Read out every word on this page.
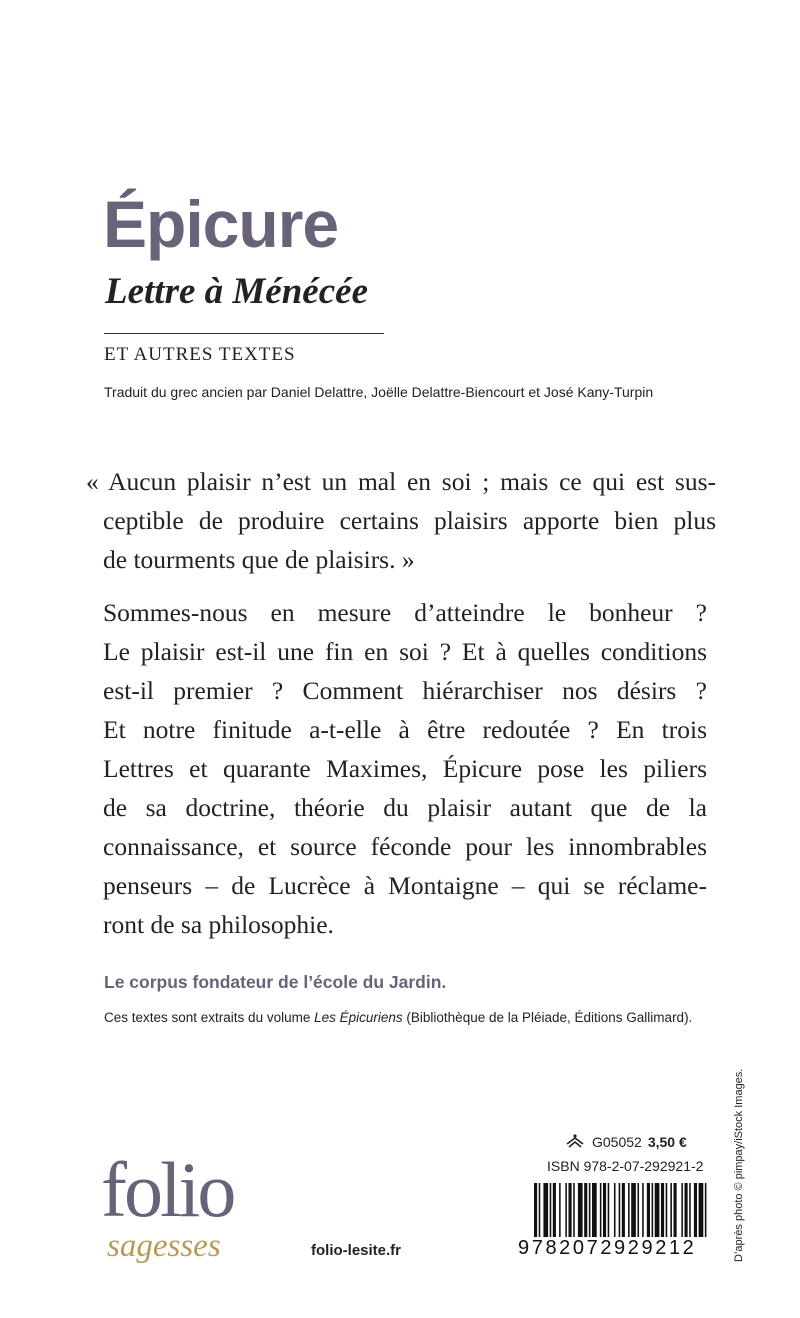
Épicure
Lettre à Ménécée
ET AUTRES TEXTES
Traduit du grec ancien par Daniel Delattre, Joëlle Delattre-Biencourt et José Kany-Turpin
« Aucun plaisir n’est un mal en soi ; mais ce qui est sus-
ceptible de produire certains plaisirs apporte bien plus
de tourments que de plaisirs. »
Sommes-nous en mesure d’atteindre le bonheur ?
Le plaisir est-il une fin en soi ? Et à quelles conditions
est-il premier ? Comment hiérarchiser nos désirs ?
Et notre finitude a-t-elle à être redoutée ? En trois
Lettres et quarante Maximes, Épicure pose les piliers
de sa doctrine, théorie du plaisir autant que de la
connaissance, et source féconde pour les innombrables
penseurs – de Lucrèce à Montaigne – qui se réclame-
ront de sa philosophie.
Le corpus fondateur de l’école du Jardin.
Ces textes sont extraits du volume Les Épicuriens (Bibliothèque de la Pléiade, Éditions Gallimard).
D’après photo © pimpay/iStock Images.
G05052 3,50 €
ISBN 978-2-07-292921-2
9782072929212
folio
sagesses	folio-lesite.fr
